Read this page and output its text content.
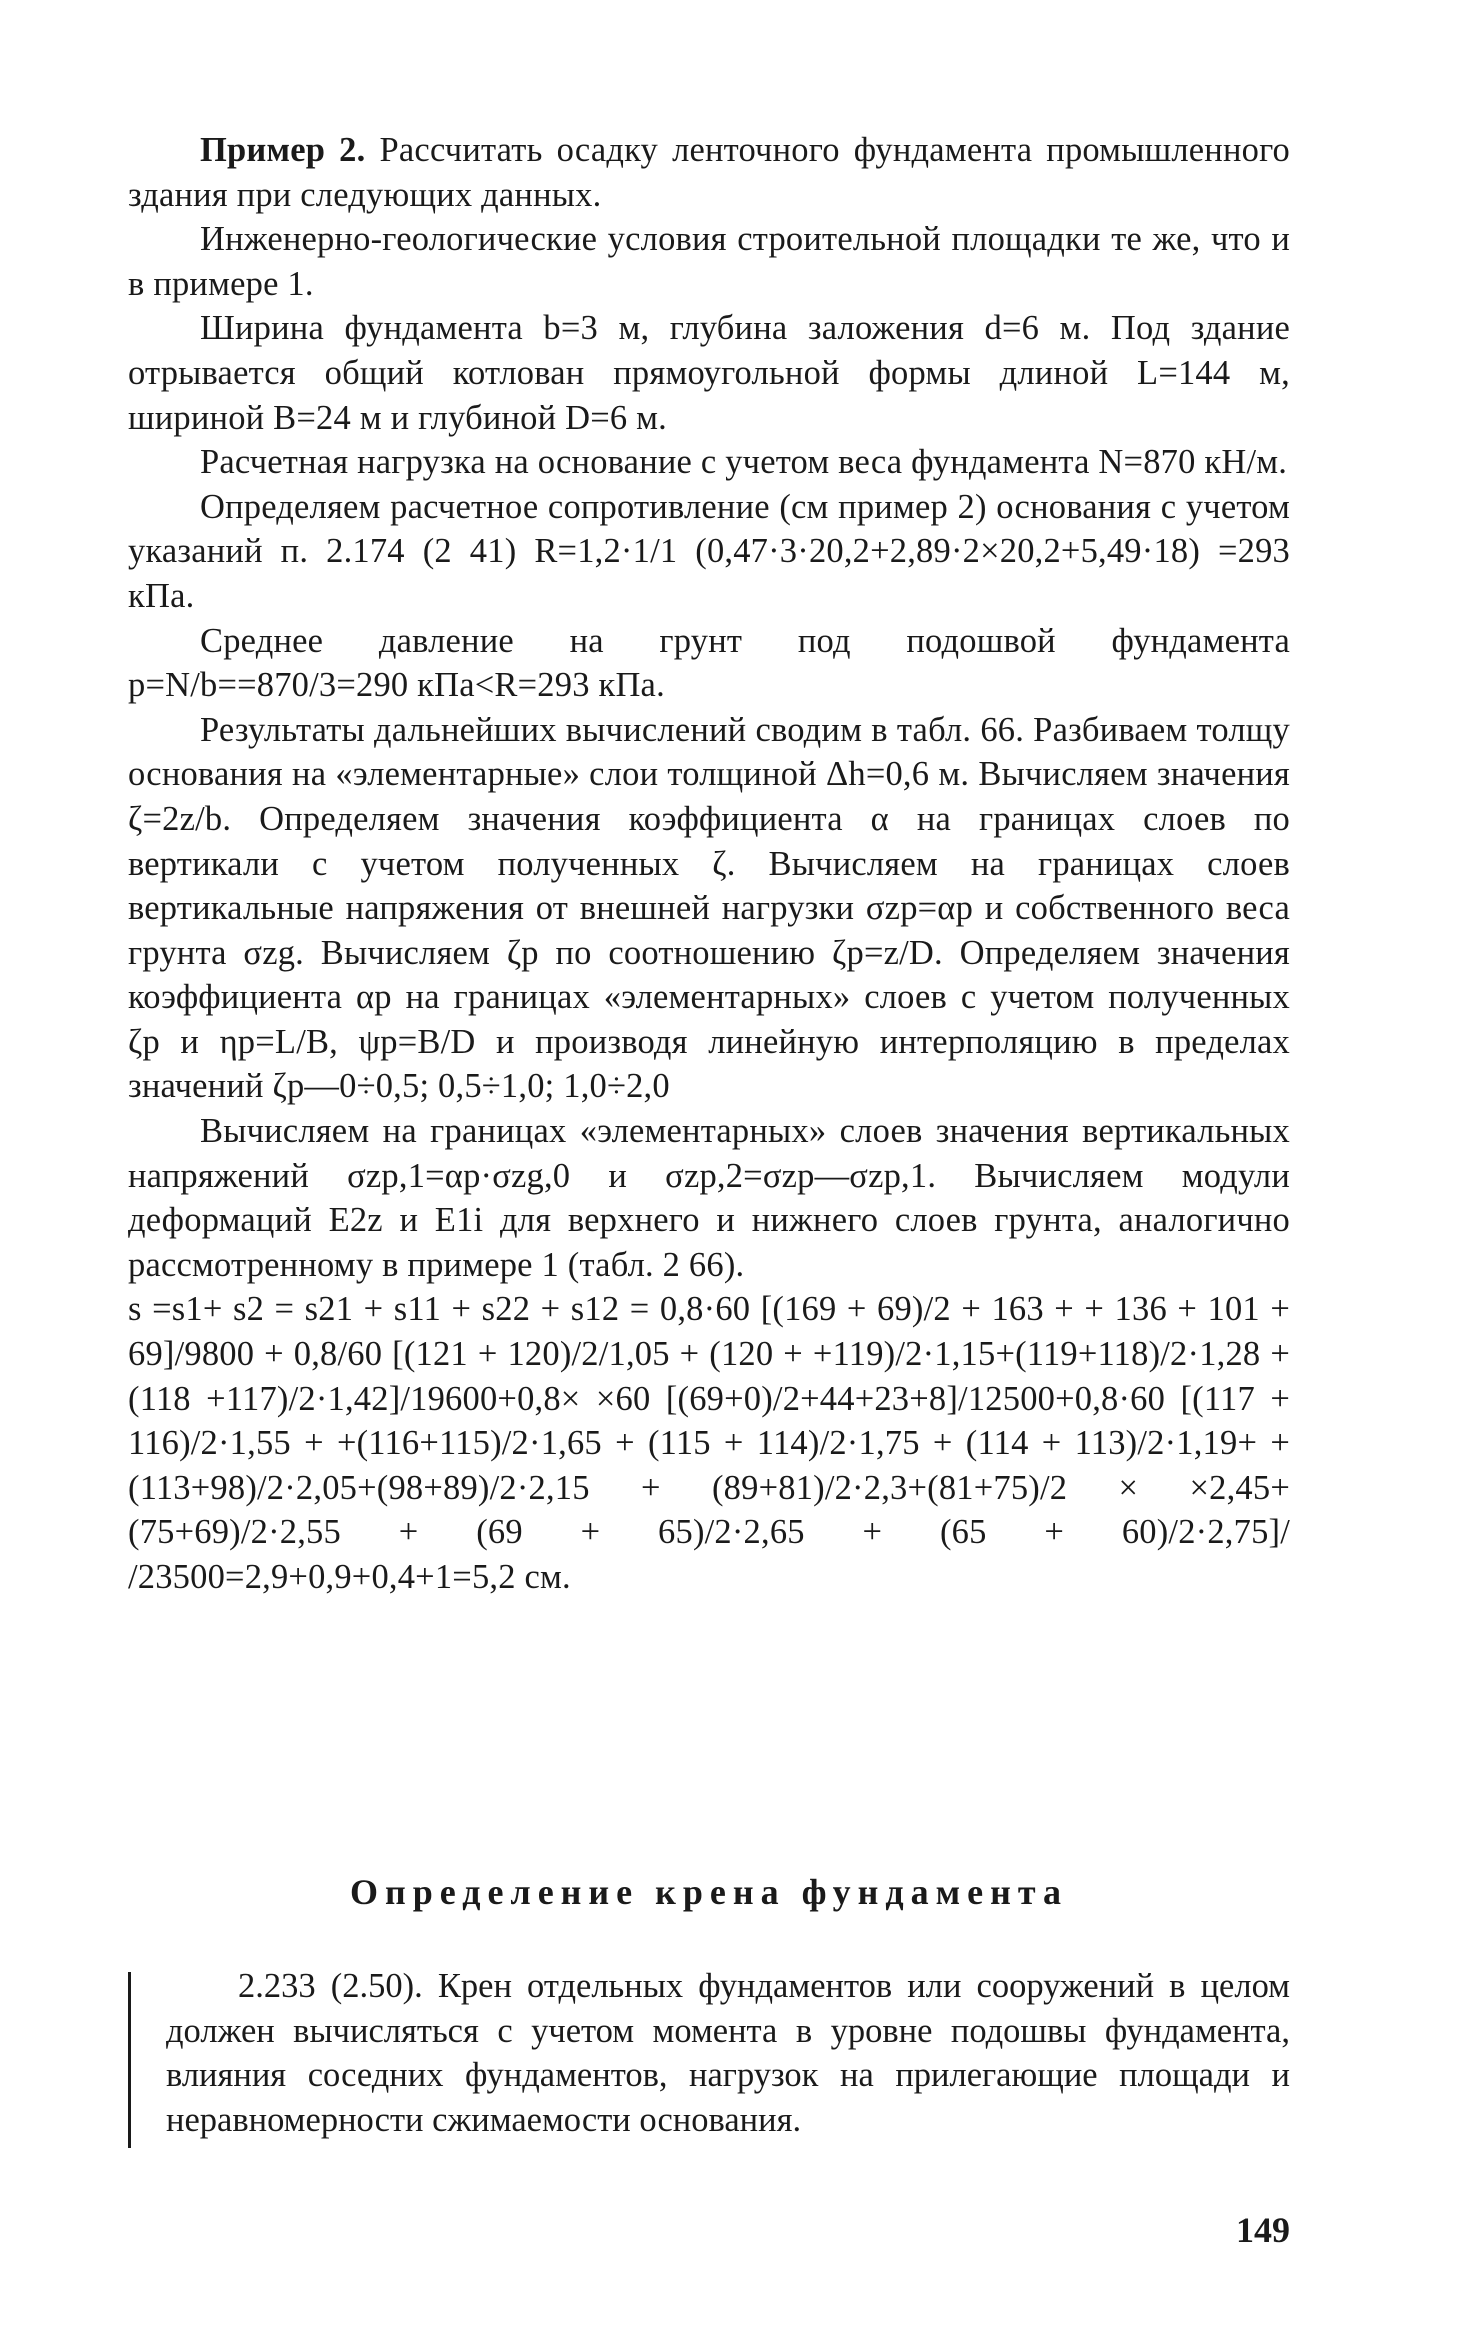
Пример 2. Рассчитать осадку ленточного фундамента промышленного здания при следующих данных.

Инженерно-геологические условия строительной площадки те же, что и в примере 1.

Ширина фундамента b=3 м, глубина заложения d=6 м. Под здание отрывается общий котлован прямоугольной формы длиной L=144 м, шириной B=24 м и глубиной D=6 м.

Расчетная нагрузка на основание с учетом веса фундамента N=870 кН/м.

Определяем расчетное сопротивление (см пример 2) основания с учетом указаний п. 2.174 (2 41) R=1,2·1/1 (0,47·3·20,2+2,89·2×20,2+5,49·18) =293 кПа.

Среднее давление на грунт под подошвой фундамента p=N/b==870/3=290 кПа<R=293 кПа.

Результаты дальнейших вычислений сводим в табл. 66. Разбиваем толщу основания на «элементарные» слои толщиной Δh=0,6 м. Вычисляем значения ζ=2z/b. Определяем значения коэффициента α на границах слоев по вертикали с учетом полученных ζ. Вычисляем на границах слоев вертикальные напряжения от внешней нагрузки σzp=αp и собственного веса грунта σzg. Вычисляем ζp по соотношению ζp=z/D. Определяем значения коэффициента αp на границах «элементарных» слоев с учетом полученных ζp и ηp=L/B, ψp=B/D и производя линейную интерполяцию в пределах значений ζp—0÷0,5; 0,5÷1,0; 1,0÷2,0

Вычисляем на границах «элементарных» слоев значения вертикальных напряжений σzp,1=αp·σzg,0 и σzp,2=σzp—σzp,1. Вычисляем модули деформаций E2z и E1i для верхнего и нижнего слоев грунта, аналогично рассмотренному в примере 1 (табл. 2 66).

s =s1+ s2 = s21 + s11 + s22 + s12 = 0,8·60 [(169 + 69)/2 + 163 + + 136 + 101 + 69]/9800 + 0,8/60 [(121 + 120)/2/1,05 + (120 + +119)/2·1,15+(119+118)/2·1,28 + (118 +117)/2·1,42]/19600+0,8× ×60 [(69+0)/2+44+23+8]/12500+0,8·60 [(117 + 116)/2·1,55 + +(116+115)/2·1,65 + (115 + 114)/2·1,75 + (114 + 113)/2·1,19+ +(113+98)/2·2,05+(98+89)/2·2,15 + (89+81)/2·2,3+(81+75)/2 × ×2,45+(75+69)/2·2,55 + (69 + 65)/2·2,65 + (65 + 60)/2·2,75]/ /23500=2,9+0,9+0,4+1=5,2 см.

Определение крена фундамента

2.233 (2.50). Крен отдельных фундаментов или сооружений в целом должен вычисляться с учетом момента в уровне подошвы фундамента, влияния соседних фундаментов, нагрузок на прилегающие площади и неравномерности сжимаемости основания.

149
